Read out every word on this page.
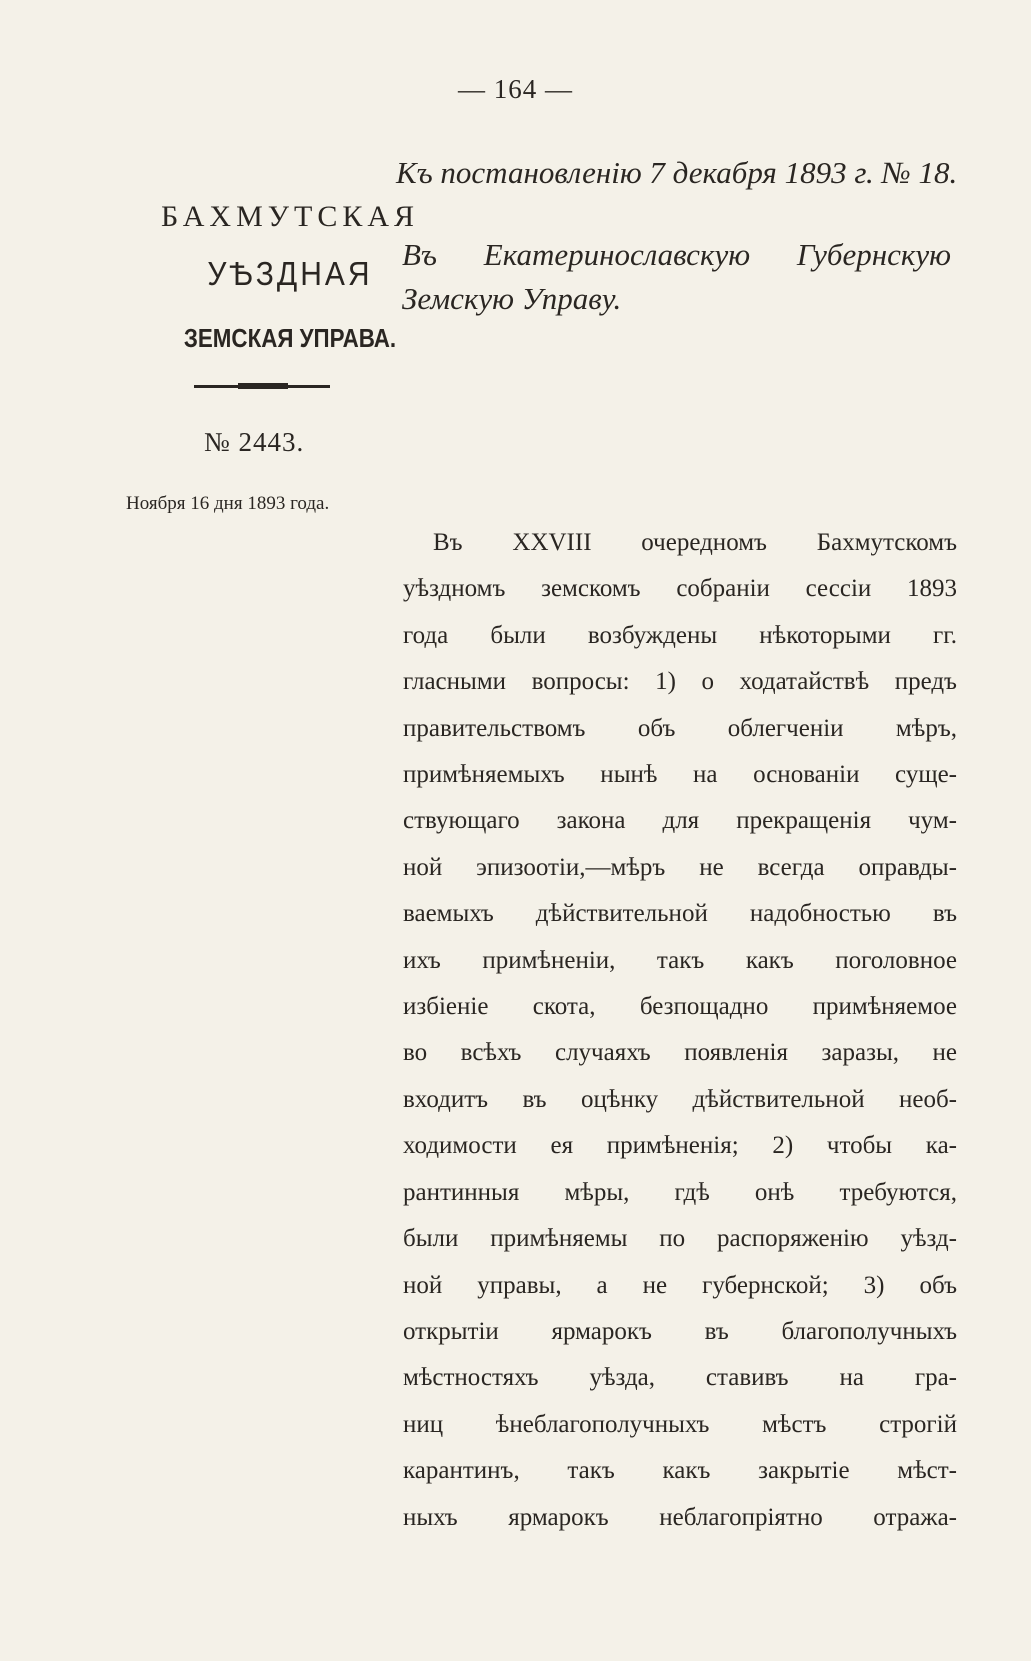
— 164 —
Къ постановленію 7 декабря 1893 г. № 18.
Въ Екатеринославскую Губернскую
Земскую Управу.
БАХМУТСКАЯ
УѢЗДНАЯ
ЗЕМСКАЯ УПРАВА.
№ 2443.
Ноября 16 дня 1893 года.
Въ XXVIII очередномъ Бахмутскомъ
уѣздномъ земскомъ собраніи сессіи 1893
года были возбуждены нѣкоторыми гг.
гласными вопросы: 1) о ходатайствѣ предъ
правительствомъ объ облегченіи мѣръ,
примѣняемыхъ нынѣ на основаніи суще-
ствующаго закона для прекращенія чум-
ной эпизоотіи,—мѣръ не всегда оправды-
ваемыхъ дѣйствительной надобностью въ
ихъ примѣненіи, такъ какъ поголовное
избіеніе скота, безпощадно примѣняемое
во всѣхъ случаяхъ появленія заразы, не
входитъ въ оцѣнку дѣйствительной необ-
ходимости ея примѣненія; 2) чтобы ка-
рантинныя мѣры, гдѣ онѣ требуются,
были примѣняемы по распоряженію уѣзд-
ной управы, а не губернской; 3) объ
открытіи ярмарокъ въ благополучныхъ
мѣстностяхъ уѣзда, ставивъ на гра-
ниц ѣнеблагополучныхъ мѣстъ строгій
карантинъ, такъ какъ закрытіе мѣст-
ныхъ ярмарокъ неблагопріятно отража-
